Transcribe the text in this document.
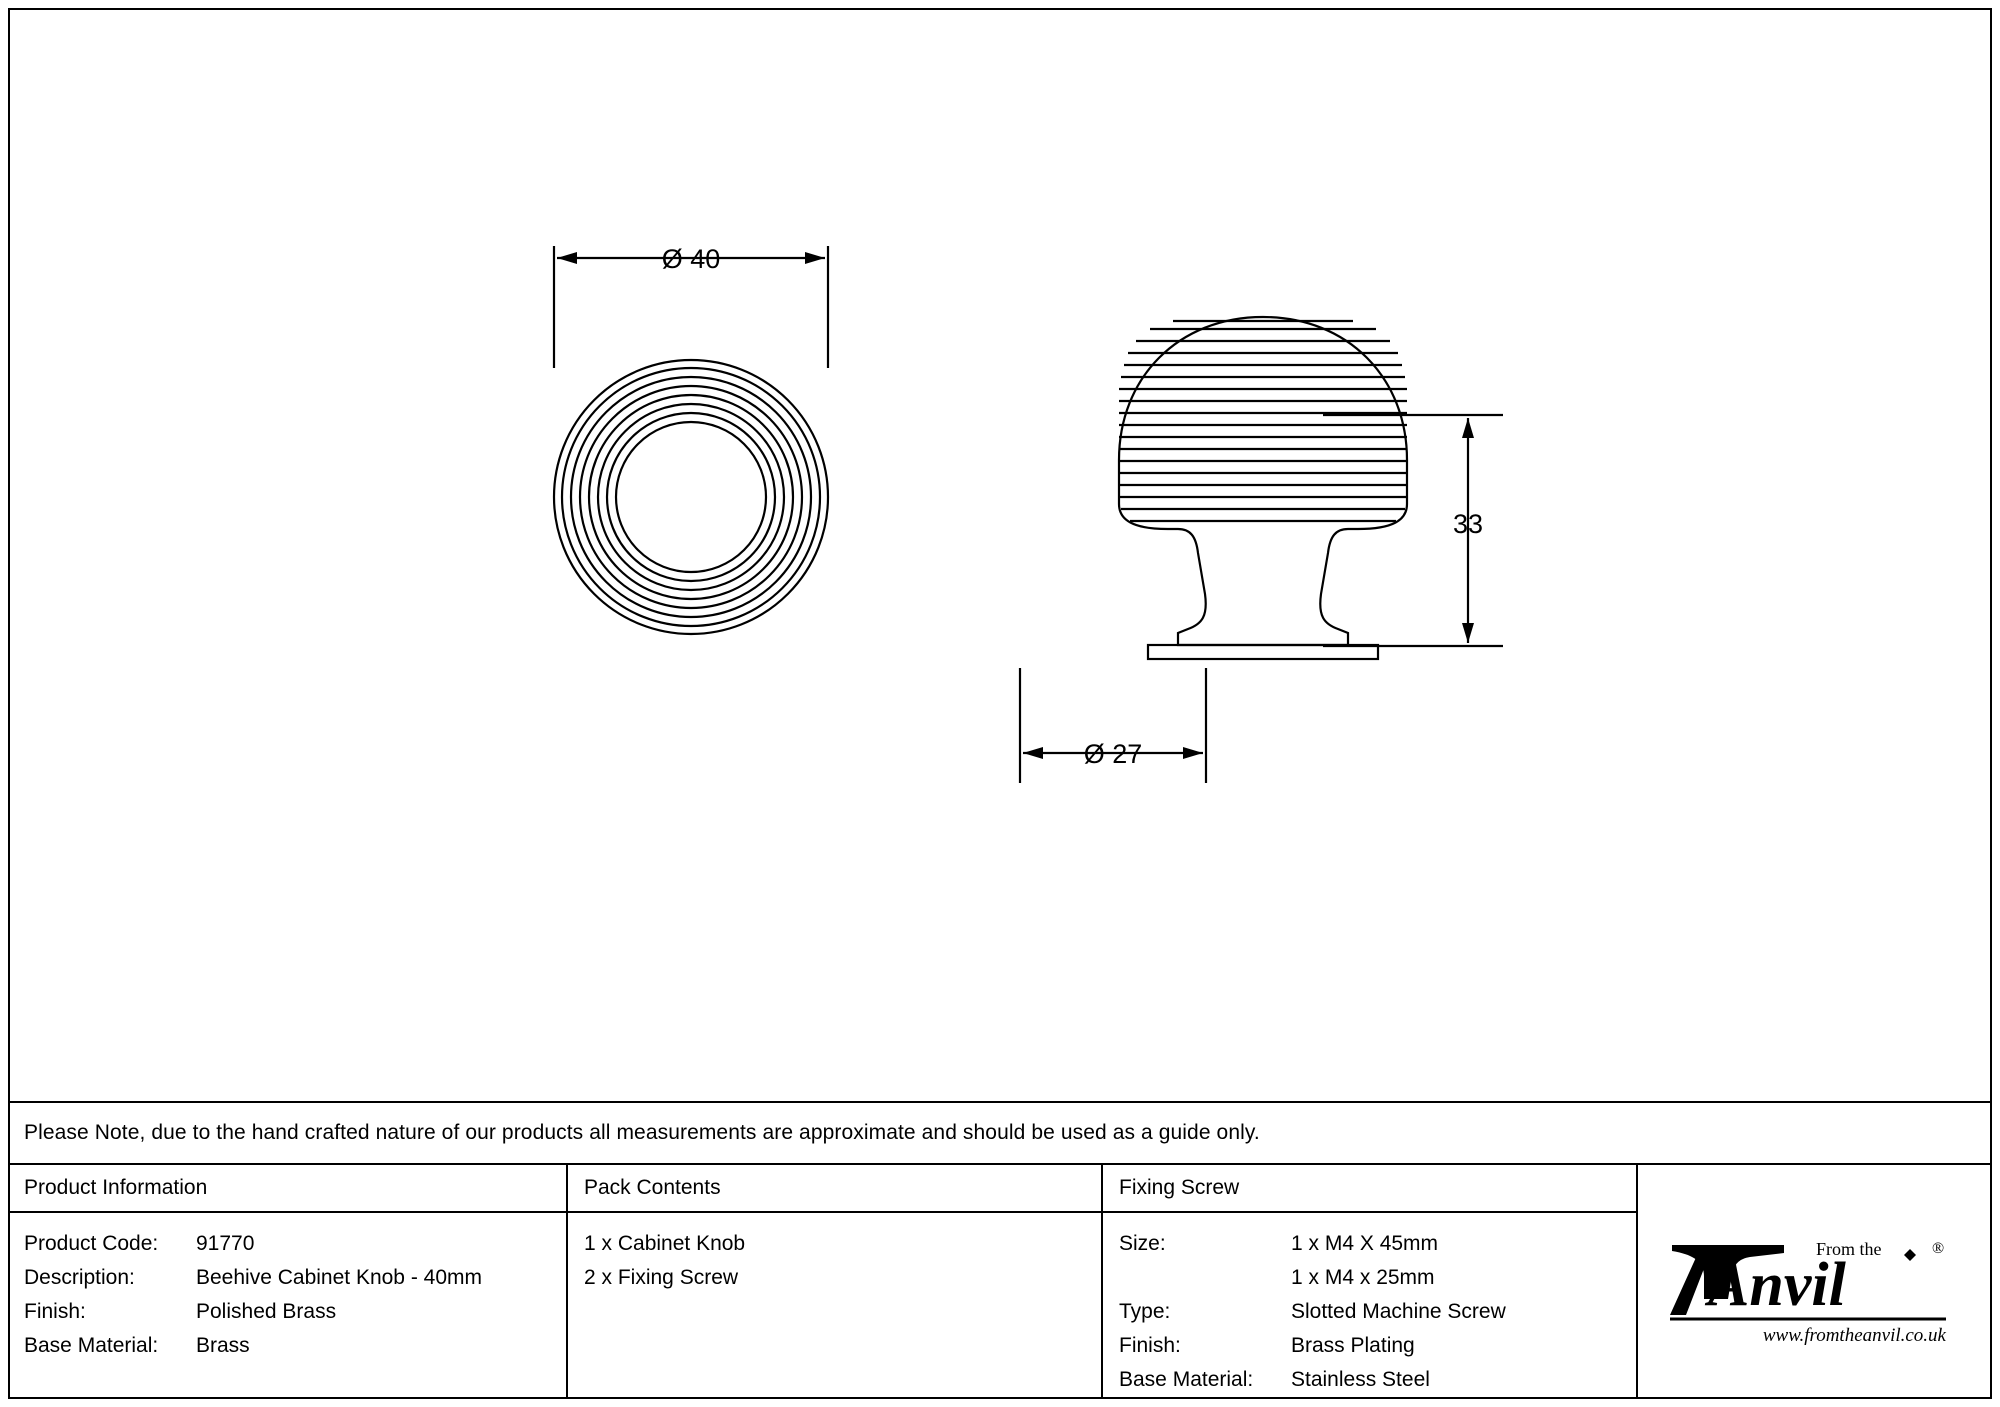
Ø 40
33
Ø 27
Please Note, due to the hand crafted nature of our products all measurements are approximate and should be used as a guide only.
Product Information
Product Code:	91770
Description:	Beehive Cabinet Knob - 40mm
Finish:	Polished Brass
Base Material:	Brass
Pack Contents
1 x Cabinet Knob
2 x Fixing Screw
Fixing Screw
Size:	1 x M4 X 45mm
1 x M4 x 25mm
Type:	Slotted Machine Screw
Finish:	Brass Plating
Base Material:	Stainless Steel
From the	®
Anvil
www.fromtheanvil.co.uk
